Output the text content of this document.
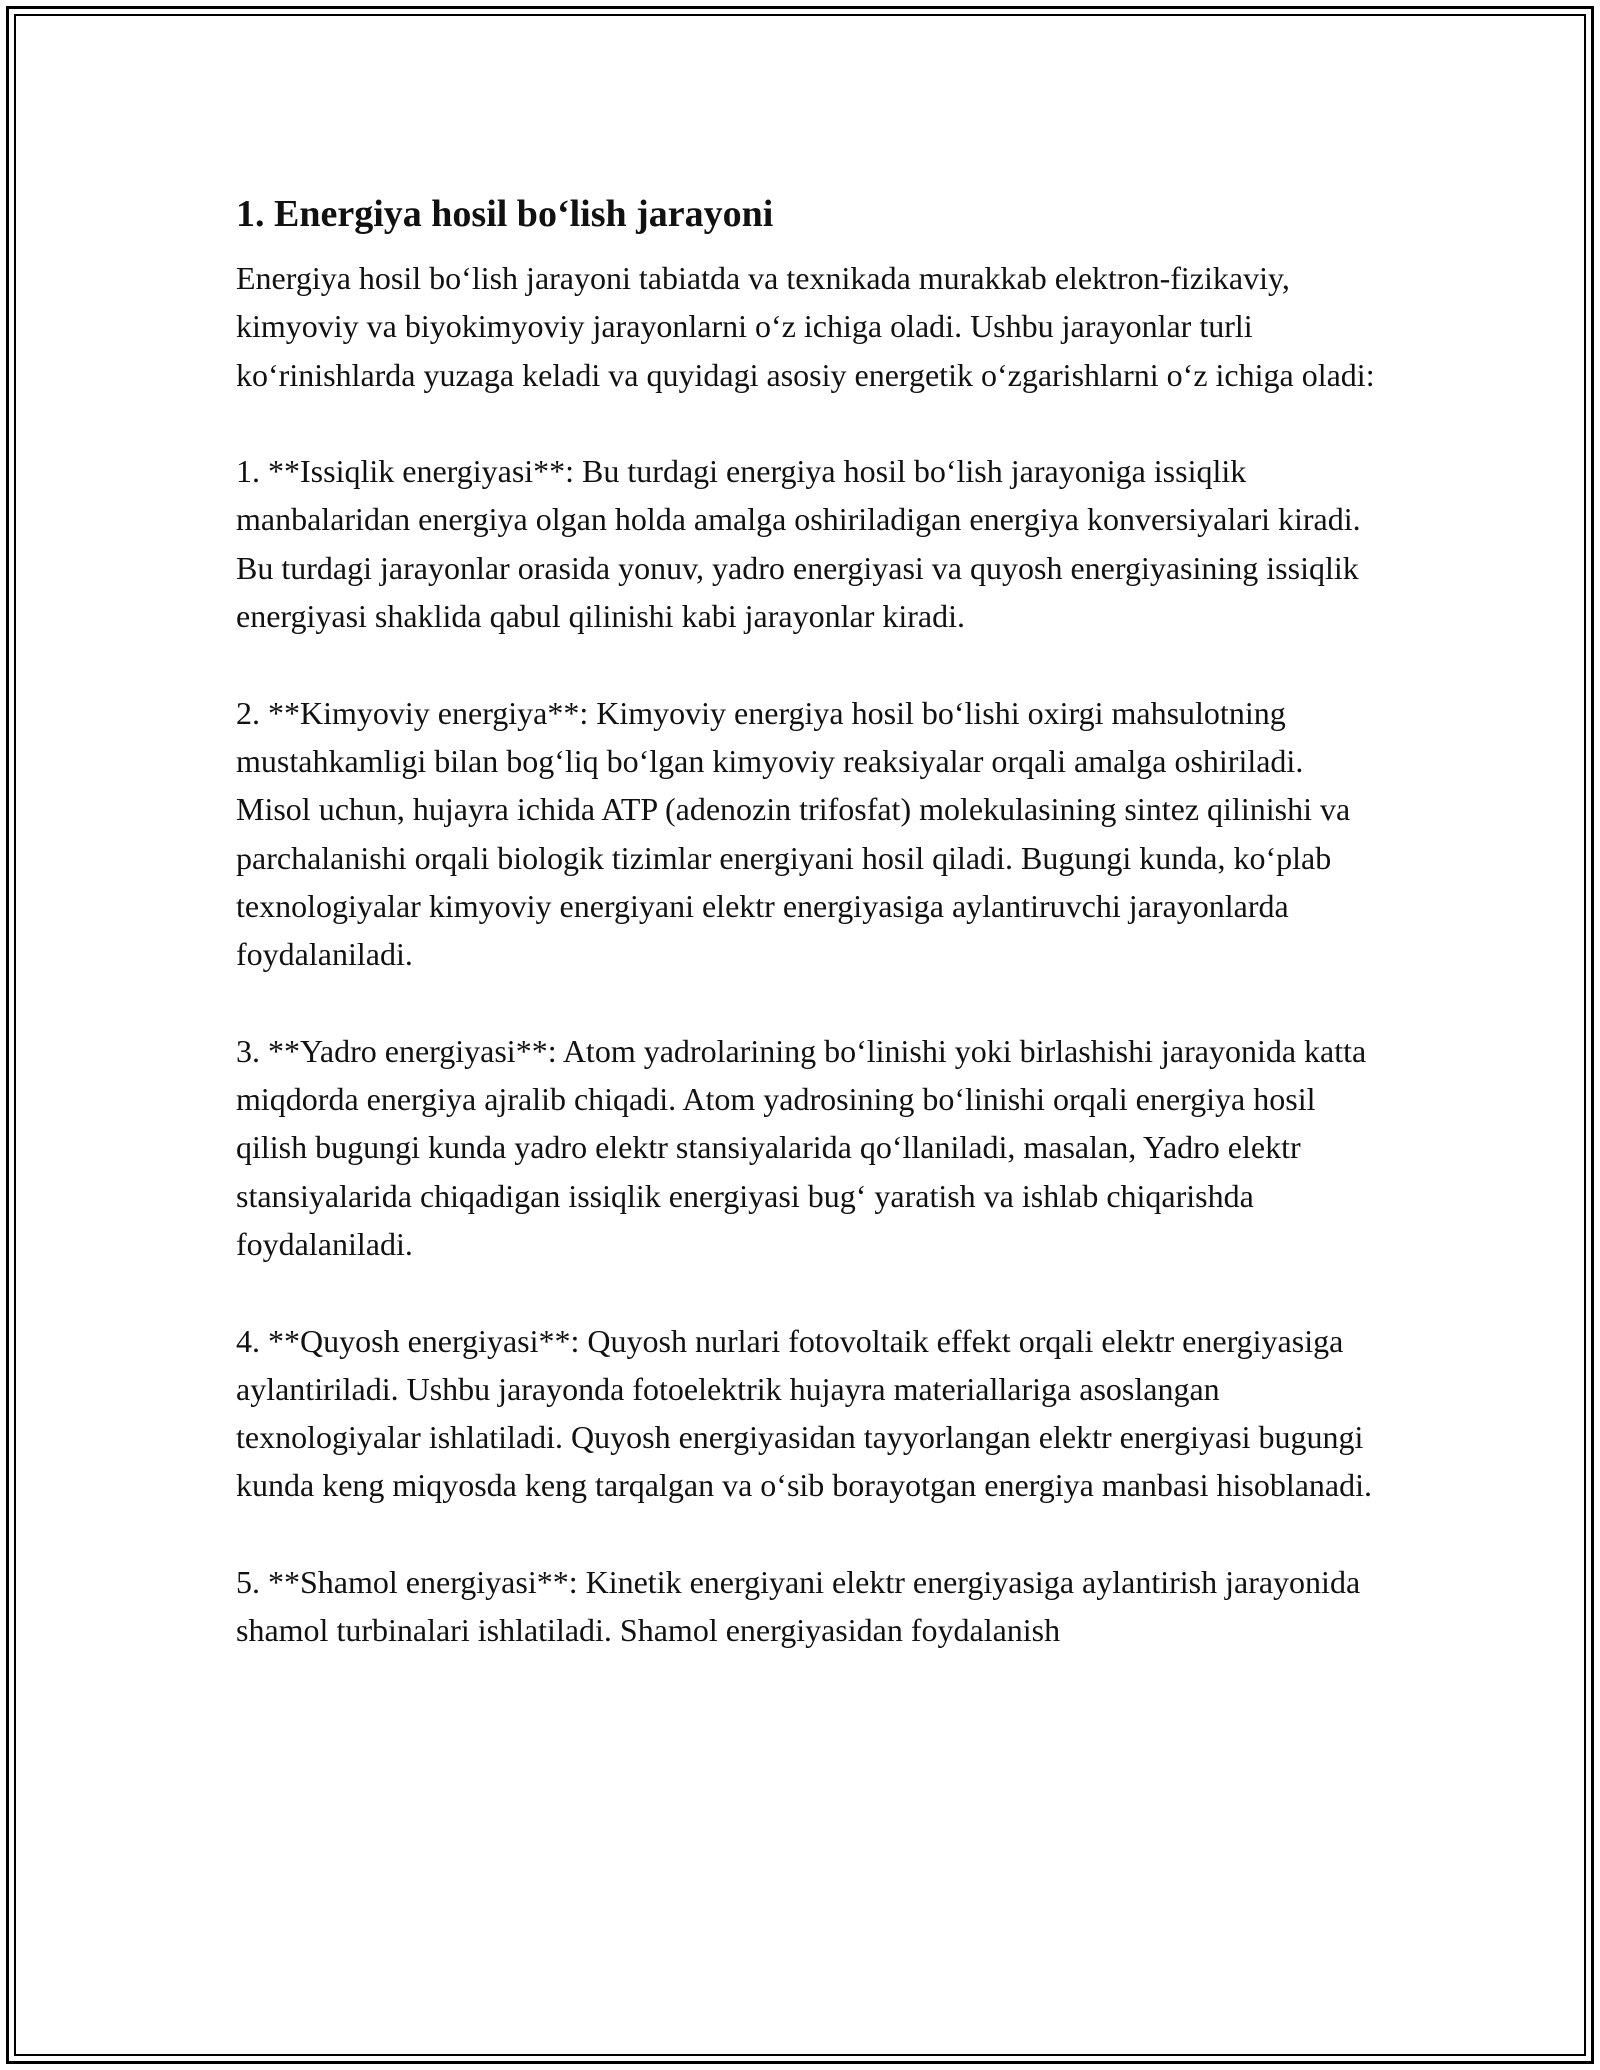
1. Energiya hosil bo‘lish jarayoni

Energiya hosil bo‘lish jarayoni tabiatda va texnikada murakkab elektron-fizikaviy, kimyoviy va biyokimyoviy jarayonlarni o‘z ichiga oladi. Ushbu jarayonlar turli ko‘rinishlarda yuzaga keladi va quyidagi asosiy energetik o‘zgarishlarni o‘z ichiga oladi:

1. **Issiqlik energiyasi**: Bu turdagi energiya hosil bo‘lish jarayoniga issiqlik manbalaridan energiya olgan holda amalga oshiriladigan energiya konversiyalari kiradi. Bu turdagi jarayonlar orasida yonuv, yadro energiyasi va quyosh energiyasining issiqlik energiyasi shaklida qabul qilinishi kabi jarayonlar kiradi.

2. **Kimyoviy energiya**: Kimyoviy energiya hosil bo‘lishi oxirgi mahsulotning mustahkamligi bilan bog‘liq bo‘lgan kimyoviy reaksiyalar orqali amalga oshiriladi. Misol uchun, hujayra ichida ATP (adenozin trifosfat) molekulasining sintez qilinishi va parchalanishi orqali biologik tizimlar energiyani hosil qiladi. Bugungi kunda, ko‘plab texnologiyalar kimyoviy energiyani elektr energiyasiga aylantiruvchi jarayonlarda foydalaniladi.

3. **Yadro energiyasi**: Atom yadrolarining bo‘linishi yoki birlashishi jarayonida katta miqdorda energiya ajralib chiqadi. Atom yadrosining bo‘linishi orqali energiya hosil qilish bugungi kunda yadro elektr stansiyalarida qo‘llaniladi, masalan, Yadro elektr stansiyalarida chiqadigan issiqlik energiyasi bug‘ yaratish va ishlab chiqarishda foydalaniladi.

4. **Quyosh energiyasi**: Quyosh nurlari fotovoltaik effekt orqali elektr energiyasiga aylantiriladi. Ushbu jarayonda fotoelektrik hujayra materiallariga asoslangan texnologiyalar ishlatiladi. Quyosh energiyasidan tayyorlangan elektr energiyasi bugungi kunda keng miqyosda keng tarqalgan va o‘sib borayotgan energiya manbasi hisoblanadi.

5. **Shamol energiyasi**: Kinetik energiyani elektr energiyasiga aylantirish jarayonida shamol turbinalari ishlatiladi. Shamol energiyasidan foydalanish
